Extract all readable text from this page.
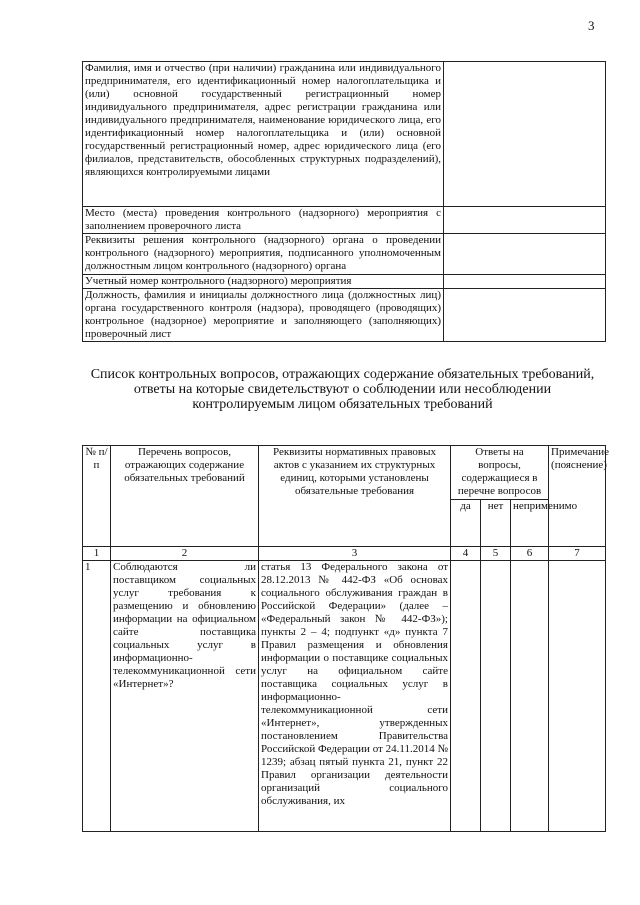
3
Фамилия, имя и отчество (при наличии) гражданина или индивидуального предпринимателя, его идентификационный номер налогоплательщика и (или) основной государственный регистрационный номер индивидуального предпринимателя, адрес регистрации гражданина или индивидуального предпринимателя, наименование юридического лица, его идентификационный номер налогоплательщика и (или) основной государственный регистрационный номер, адрес юридического лица (его филиалов, представительств, обособленных структурных подразделений), являющихся контролируемыми лицами	
Место (места) проведения контрольного (надзорного) мероприятия с заполнением проверочного листа	
Реквизиты решения контрольного (надзорного) органа о проведении контрольного (надзорного) мероприятия, подписанного уполномоченным должностным лицом контрольного (надзорного) органа	
Учетный номер контрольного (надзорного) мероприятия	
Должность, фамилия и инициалы должностного лица (должностных лиц) органа государственного контроля (надзора), проводящего (проводящих) контрольное (надзорное) мероприятие и заполняющего (заполняющих) проверочный лист	
Список контрольных вопросов, отражающих содержание обязательных требований, ответы на которые свидетельствуют о соблюдении или несоблюдении контролируемым лицом обязательных требований
№ п/п	Перечень вопросов, отражающих содержание обязательных требований	Реквизиты нормативных правовых актов с указанием их структурных единиц, которыми установлены обязательные требования	Ответы на вопросы, содержащиеся в перечне вопросов			Примечание (пояснение)
			да	нет	неприменимо	
1	2	3	4	5	6	7
1	Соблюдаются ли поставщиком социальных услуг требования к размещению и обновлению информации на официальном сайте поставщика социальных услуг в информационно-телекоммуникационной сети «Интернет»?	статья 13 Федерального закона от 28.12.2013 № 442-ФЗ «Об основах социального обслуживания граждан в Российской Федерации» (далее – «Федеральный закон № 442-ФЗ»); пункты 2 – 4; подпункт «д» пункта 7 Правил размещения и обновления информации о поставщике социальных услуг на официальном сайте поставщика социальных услуг в информационно-телекоммуникационной сети «Интернет», утвержденных постановлением Правительства Российской Федерации от 24.11.2014 № 1239; абзац пятый пункта 21, пункт 22 Правил организации деятельности организаций социального обслуживания, их				
